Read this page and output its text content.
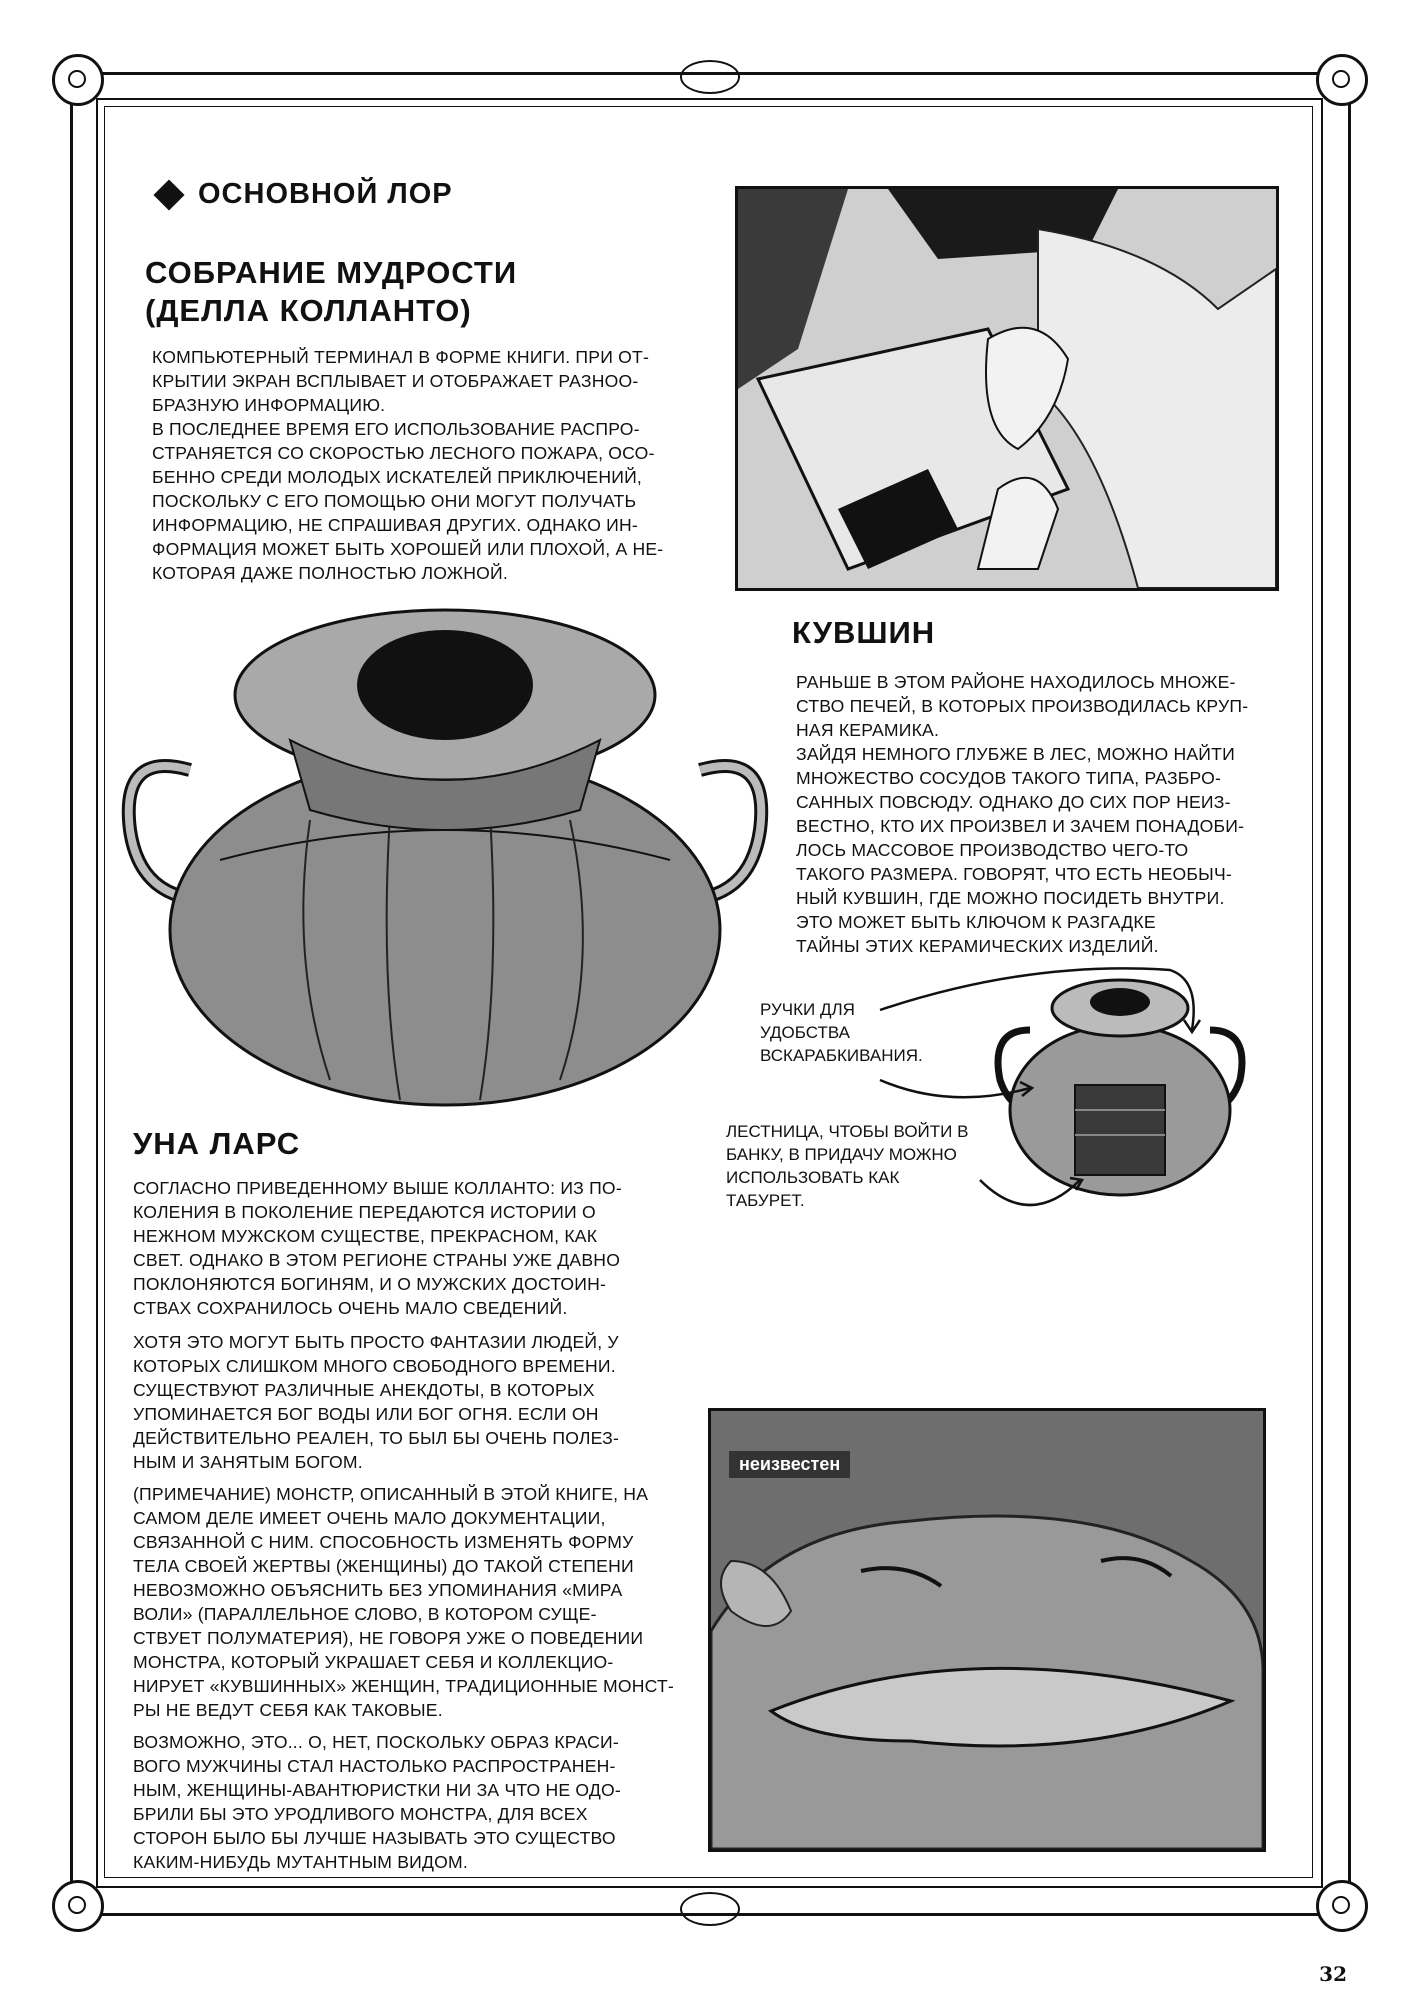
ОСНОВНОЙ ЛОР
СОБРАНИЕ МУДРОСТИ
(ДЕЛЛА КОЛЛАНТО)
КОМПЬЮТЕРНЫЙ ТЕРМИНАЛ В ФОРМЕ КНИГИ. ПРИ ОТ-
КРЫТИИ ЭКРАН ВСПЛЫВАЕТ И ОТОБРАЖАЕТ РАЗНОО-
БРАЗНУЮ ИНФОРМАЦИЮ.
В ПОСЛЕДНЕЕ ВРЕМЯ ЕГО ИСПОЛЬЗОВАНИЕ РАСПРО-
СТРАНЯЕТСЯ СО СКОРОСТЬЮ ЛЕСНОГО ПОЖАРА, ОСО-
БЕННО СРЕДИ МОЛОДЫХ ИСКАТЕЛЕЙ ПРИКЛЮЧЕНИЙ,
ПОСКОЛЬКУ С ЕГО ПОМОЩЬЮ ОНИ МОГУТ ПОЛУЧАТЬ
ИНФОРМАЦИЮ, НЕ СПРАШИВАЯ ДРУГИХ. ОДНАКО ИН-
ФОРМАЦИЯ МОЖЕТ БЫТЬ ХОРОШЕЙ ИЛИ ПЛОХОЙ, А НЕ-
КОТОРАЯ ДАЖЕ ПОЛНОСТЬЮ ЛОЖНОЙ.
КУВШИН
РАНЬШЕ В ЭТОМ РАЙОНЕ НАХОДИЛОСЬ МНОЖЕ-
СТВО ПЕЧЕЙ, В КОТОРЫХ ПРОИЗВОДИЛАСЬ КРУП-
НАЯ КЕРАМИКА.
ЗАЙДЯ НЕМНОГО ГЛУБЖЕ В ЛЕС, МОЖНО НАЙТИ
МНОЖЕСТВО СОСУДОВ ТАКОГО ТИПА, РАЗБРО-
САННЫХ ПОВСЮДУ. ОДНАКО ДО СИХ ПОР НЕИЗ-
ВЕСТНО, КТО ИХ ПРОИЗВЕЛ И ЗАЧЕМ ПОНАДОБИ-
ЛОСЬ МАССОВОЕ ПРОИЗВОДСТВО ЧЕГО-ТО
ТАКОГО РАЗМЕРА. ГОВОРЯТ, ЧТО ЕСТЬ НЕОБЫЧ-
НЫЙ КУВШИН, ГДЕ МОЖНО ПОСИДЕТЬ ВНУТРИ.
ЭТО МОЖЕТ БЫТЬ КЛЮЧОМ К РАЗГАДКЕ
ТАЙНЫ ЭТИХ КЕРАМИЧЕСКИХ ИЗДЕЛИЙ.
РУЧКИ ДЛЯ
УДОБСТВА
ВСКАРАБКИВАНИЯ.
ЛЕСТНИЦА, ЧТОБЫ ВОЙТИ В
БАНКУ, В ПРИДАЧУ МОЖНО
ИСПОЛЬЗОВАТЬ КАК
ТАБУРЕТ.
УНА ЛАРС
СОГЛАСНО ПРИВЕДЕННОМУ ВЫШЕ КОЛЛАНТО: ИЗ ПО-
КОЛЕНИЯ В ПОКОЛЕНИЕ ПЕРЕДАЮТСЯ ИСТОРИИ О
НЕЖНОМ МУЖСКОМ СУЩЕСТВЕ, ПРЕКРАСНОМ, КАК
СВЕТ. ОДНАКО В ЭТОМ РЕГИОНЕ СТРАНЫ УЖЕ ДАВНО
ПОКЛОНЯЮТСЯ БОГИНЯМ, И О МУЖСКИХ ДОСТОИН-
СТВАХ СОХРАНИЛОСЬ ОЧЕНЬ МАЛО СВЕДЕНИЙ.
ХОТЯ ЭТО МОГУТ БЫТЬ ПРОСТО ФАНТАЗИИ ЛЮДЕЙ, У
КОТОРЫХ СЛИШКОМ МНОГО СВОБОДНОГО ВРЕМЕНИ.
СУЩЕСТВУЮТ РАЗЛИЧНЫЕ АНЕКДОТЫ, В КОТОРЫХ
УПОМИНАЕТСЯ БОГ ВОДЫ ИЛИ БОГ ОГНЯ. ЕСЛИ ОН
ДЕЙСТВИТЕЛЬНО РЕАЛЕН, ТО БЫЛ БЫ ОЧЕНЬ ПОЛЕЗ-
НЫМ И ЗАНЯТЫМ БОГОМ.
(ПРИМЕЧАНИЕ) МОНСТР, ОПИСАННЫЙ В ЭТОЙ КНИГЕ, НА
САМОМ ДЕЛЕ ИМЕЕТ ОЧЕНЬ МАЛО ДОКУМЕНТАЦИИ,
СВЯЗАННОЙ С НИМ. СПОСОБНОСТЬ ИЗМЕНЯТЬ ФОРМУ
ТЕЛА СВОЕЙ ЖЕРТВЫ (ЖЕНЩИНЫ) ДО ТАКОЙ СТЕПЕНИ
НЕВОЗМОЖНО ОБЪЯСНИТЬ БЕЗ УПОМИНАНИЯ «МИРА
ВОЛИ» (ПАРАЛЛЕЛЬНОЕ СЛОВО, В КОТОРОМ СУЩЕ-
СТВУЕТ ПОЛУМАТЕРИЯ), НЕ ГОВОРЯ УЖЕ О ПОВЕДЕНИИ
МОНСТРА, КОТОРЫЙ УКРАШАЕТ СЕБЯ И КОЛЛЕКЦИО-
НИРУЕТ «КУВШИННЫХ» ЖЕНЩИН, ТРАДИЦИОННЫЕ МОНСТ-
РЫ НЕ ВЕДУТ СЕБЯ КАК ТАКОВЫЕ.
ВОЗМОЖНО, ЭТО... О, НЕТ, ПОСКОЛЬКУ ОБРАЗ КРАСИ-
ВОГО МУЖЧИНЫ СТАЛ НАСТОЛЬКО РАСПРОСТРАНЕН-
НЫМ, ЖЕНЩИНЫ-АВАНТЮРИСТКИ НИ ЗА ЧТО НЕ ОДО-
БРИЛИ БЫ ЭТО УРОДЛИВОГО МОНСТРА, ДЛЯ ВСЕХ
СТОРОН БЫЛО БЫ ЛУЧШЕ НАЗЫВАТЬ ЭТО СУЩЕСТВО
КАКИМ-НИБУДЬ МУТАНТНЫМ ВИДОМ.
неизвестен
32
